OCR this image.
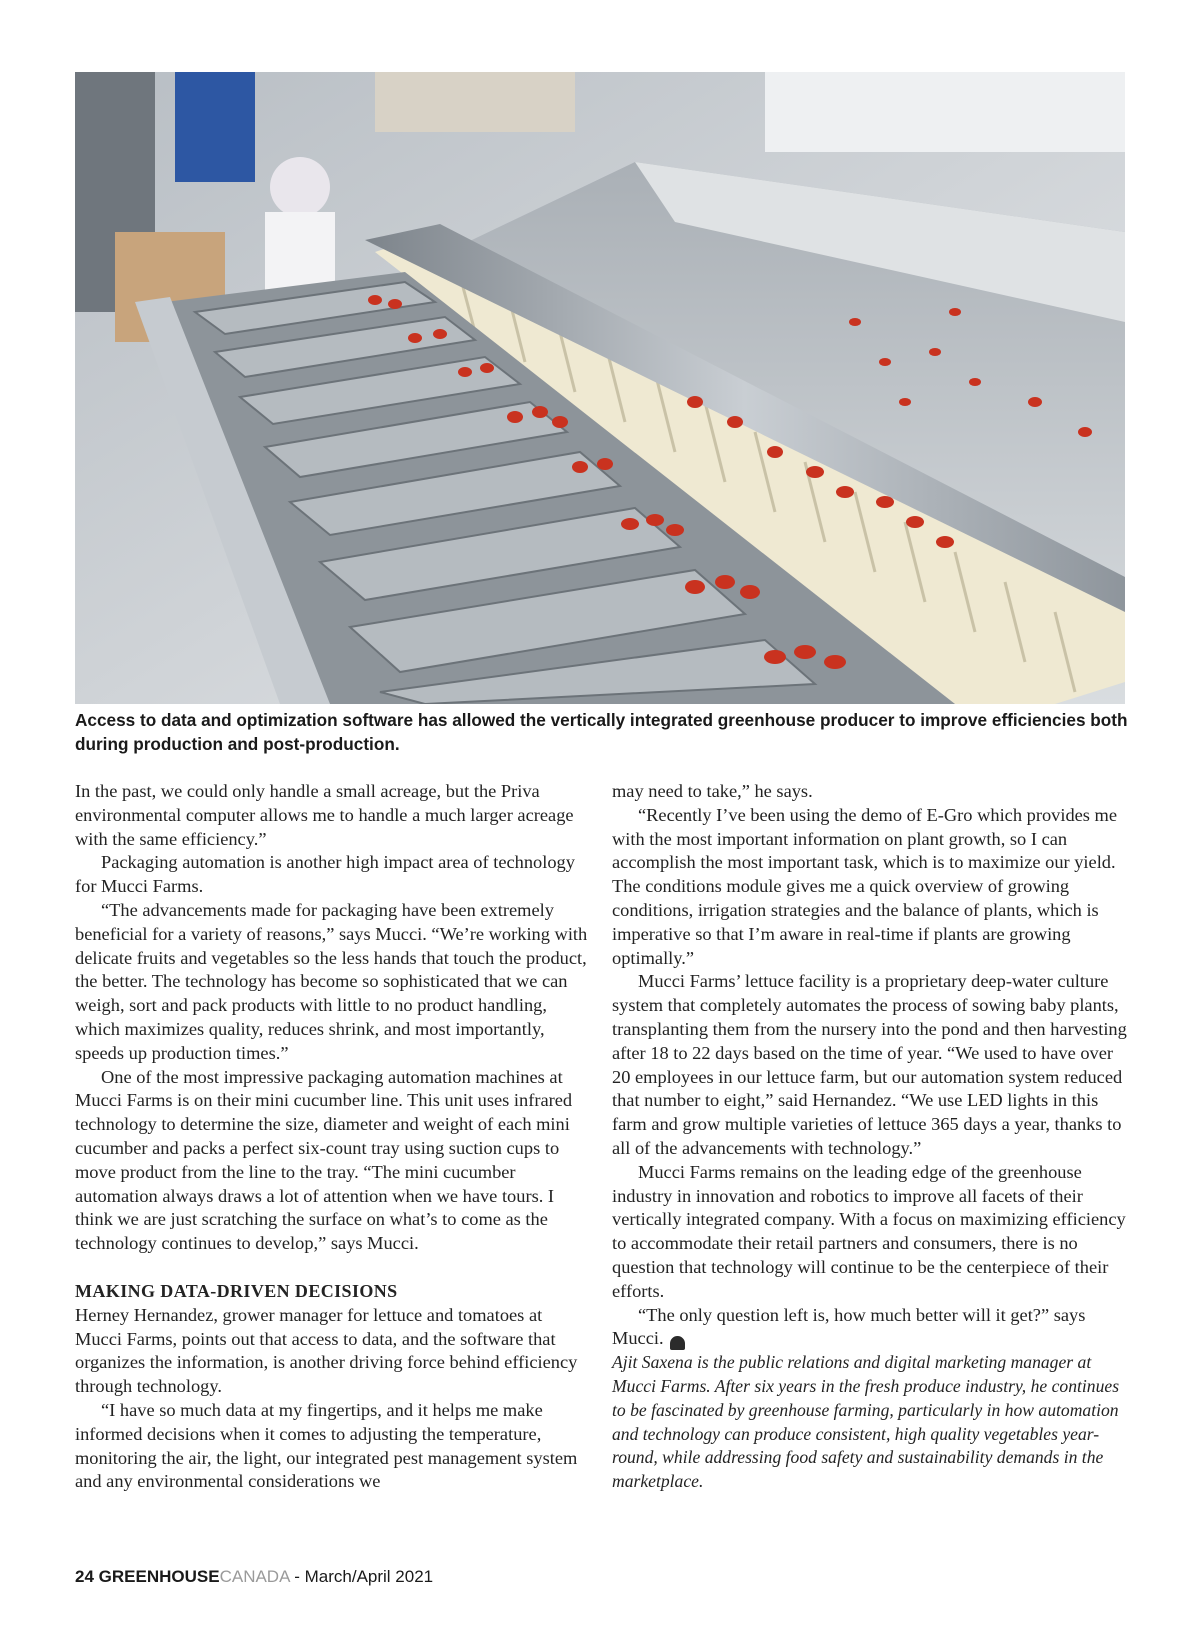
Access to data and optimization software has allowed the vertically integrated greenhouse producer to improve efficiencies both during production and post-production.

In the past, we could only handle a small acreage, but the Priva environmental computer allows me to handle a much larger acreage with the same efficiency.”

Packaging automation is another high impact area of technology for Mucci Farms.

“The advancements made for packaging have been extremely beneficial for a variety of reasons,” says Mucci. “We’re working with delicate fruits and vegetables so the less hands that touch the product, the better. The technology has become so sophisticated that we can weigh, sort and pack products with little to no product handling, which maximizes quality, reduces shrink, and most importantly, speeds up production times.”

One of the most impressive packaging automation machines at Mucci Farms is on their mini cucumber line. This unit uses infrared technology to determine the size, diameter and weight of each mini cucumber and packs a perfect six-count tray using suction cups to move product from the line to the tray. “The mini cucumber automation always draws a lot of attention when we have tours. I think we are just scratching the surface on what’s to come as the technology continues to develop,” says Mucci.

MAKING DATA-DRIVEN DECISIONS

Herney Hernandez, grower manager for lettuce and tomatoes at Mucci Farms, points out that access to data, and the software that organizes the information, is another driving force behind efficiency through technology.

“I have so much data at my fingertips, and it helps me make informed decisions when it comes to adjusting the temperature, monitoring the air, the light, our integrated pest management system and any environmental considerations we

may need to take,” he says.

“Recently I’ve been using the demo of E-Gro which provides me with the most important information on plant growth, so I can accomplish the most important task, which is to maximize our yield. The conditions module gives me a quick overview of growing conditions, irrigation strategies and the balance of plants, which is imperative so that I’m aware in real-time if plants are growing optimally.”

Mucci Farms’ lettuce facility is a proprietary deep-water culture system that completely automates the process of sowing baby plants, transplanting them from the nursery into the pond and then harvesting after 18 to 22 days based on the time of year. “We used to have over 20 employees in our lettuce farm, but our automation system reduced that number to eight,” said Hernandez. “We use LED lights in this farm and grow multiple varieties of lettuce 365 days a year, thanks to all of the advancements with technology.”

Mucci Farms remains on the leading edge of the greenhouse industry in innovation and robotics to improve all facets of their vertically integrated company. With a focus on maximizing efficiency to accommodate their retail partners and consumers, there is no question that technology will continue to be the centerpiece of their efforts.

“The only question left is, how much better will it get?” says Mucci.	GC

Ajit Saxena is the public relations and digital marketing manager at Mucci Farms. After six years in the fresh produce industry, he continues to be fascinated by greenhouse farming, particularly in how automation and technology can produce consistent, high quality vegetables year-round, while addressing food safety and sustainability demands in the marketplace.

24 GREENHOUSECANADA - March/April 2021
